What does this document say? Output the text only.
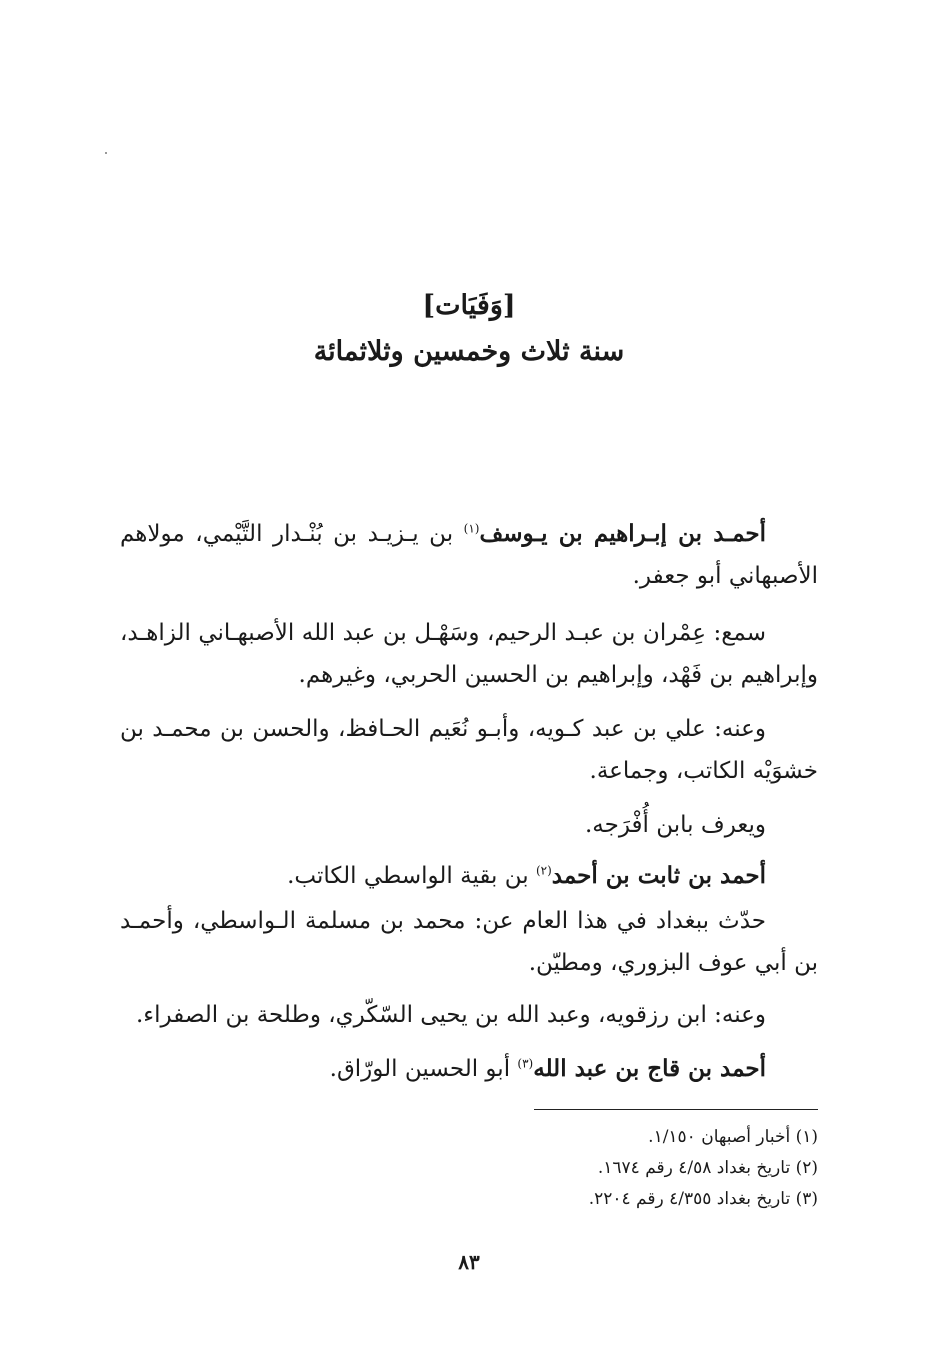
[وَفَيَات]
سنة ثلاث وخمسين وثلاثمائة
أحمـد بن إبـراهيم بن يـوسف$^{(١)}$ بن يـزيـد بن بُنْـدار التَّيْمي، مولاهم
الأصبهاني أبو جعفر.
سمع: عِمْران بن عبـد الرحيم، وسَهْـل بن عبد الله الأصبهـاني الزاهـد،
وإبراهيم بن فَهْد، وإبراهيم بن الحسين الحربي، وغيرهم.
وعنه: علي بن عبد كـويه، وأبـو نُعَيم الحـافظ، والحسن بن محمـد بن
خشوَيْه الكاتب، وجماعة.
ويعرف بابن أُفْرَجه.
أحمد بن ثابت بن أحمد$^{(٢)}$ بن بقية الواسطي الكاتب.
حدّث ببغداد في هذا العام عن: محمد بن مسلمة الـواسطي، وأحمـد
بن أبي عوف البزوري، ومطيّن.
وعنه: ابن رزقويه، وعبد الله بن يحيى السّكّري، وطلحة بن الصفراء.
أحمد بن قاج بن عبد الله$^{(٣)}$ أبو الحسين الورّاق.
(١) أخبار أصبهان ١/١٥٠.
(٢) تاريخ بغداد ٤/٥٨ رقم ١٦٧٤.
(٣) تاريخ بغداد ٤/٣٥٥ رقم ٢٢٠٤.
٨٣
